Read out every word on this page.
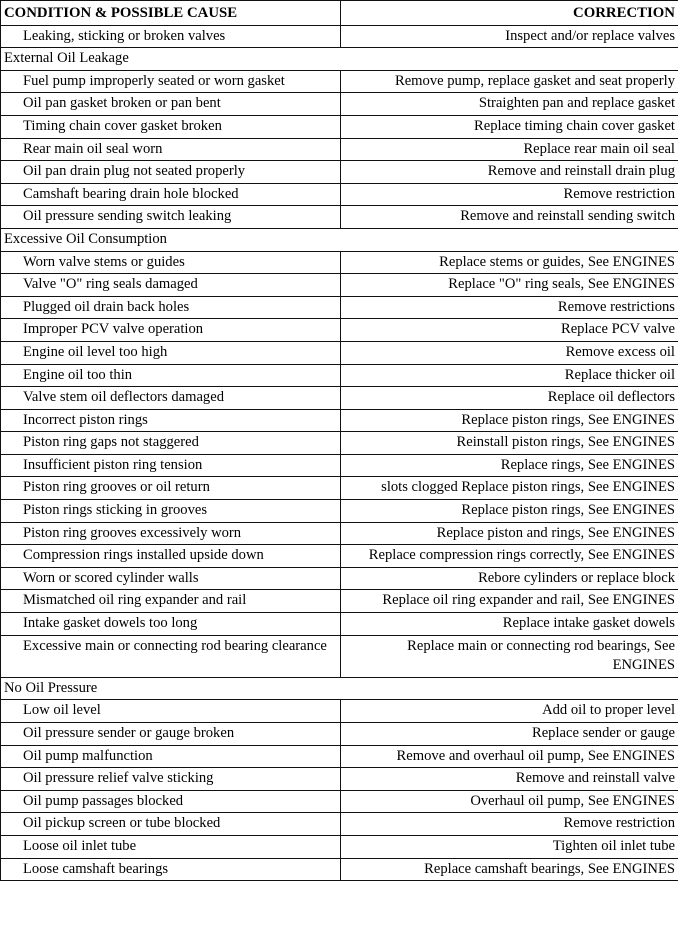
CONDITION & POSSIBLE CAUSE	CORRECTION
Leaking, sticking or broken valves	Inspect and/or replace valves
External Oil Leakage	
Fuel pump improperly seated or worn gasket	Remove pump, replace gasket and seat properly
Oil pan gasket broken or pan bent	Straighten pan and replace gasket
Timing chain cover gasket broken	Replace timing chain cover gasket
Rear main oil seal worn	Replace rear main oil seal
Oil pan drain plug not seated properly	Remove and reinstall drain plug
Camshaft bearing drain hole blocked	Remove restriction
Oil pressure sending switch leaking	Remove and reinstall sending switch
Excessive Oil Consumption	
Worn valve stems or guides	Replace stems or guides, See ENGINES
Valve "O" ring seals damaged	Replace "O" ring seals, See ENGINES
Plugged oil drain back holes	Remove restrictions
Improper PCV valve operation	Replace PCV valve
Engine oil level too high	Remove excess oil
Engine oil too thin	Replace thicker oil
Valve stem oil deflectors damaged	Replace oil deflectors
Incorrect piston rings	Replace piston rings, See ENGINES
Piston ring gaps not staggered	Reinstall piston rings, See ENGINES
Insufficient piston ring tension	Replace rings, See ENGINES
Piston ring grooves or oil return	slots clogged Replace piston rings, See ENGINES
Piston rings sticking in grooves	Replace piston rings, See ENGINES
Piston ring grooves excessively worn	Replace piston and rings, See ENGINES
Compression rings installed upside down	Replace compression rings correctly, See ENGINES
Worn or scored cylinder walls	Rebore cylinders or replace block
Mismatched oil ring expander and rail	Replace oil ring expander and rail, See ENGINES
Intake gasket dowels too long	Replace intake gasket dowels
Excessive main or connecting rod bearing clearance	Replace main or connecting rod bearings, See ENGINES
No Oil Pressure	
Low oil level	Add oil to proper level
Oil pressure sender or gauge broken	Replace sender or gauge
Oil pump malfunction	Remove and overhaul oil pump, See ENGINES
Oil pressure relief valve sticking	Remove and reinstall valve
Oil pump passages blocked	Overhaul oil pump, See ENGINES
Oil pickup screen or tube blocked	Remove restriction
Loose oil inlet tube	Tighten oil inlet tube
Loose camshaft bearings	Replace camshaft bearings, See ENGINES
